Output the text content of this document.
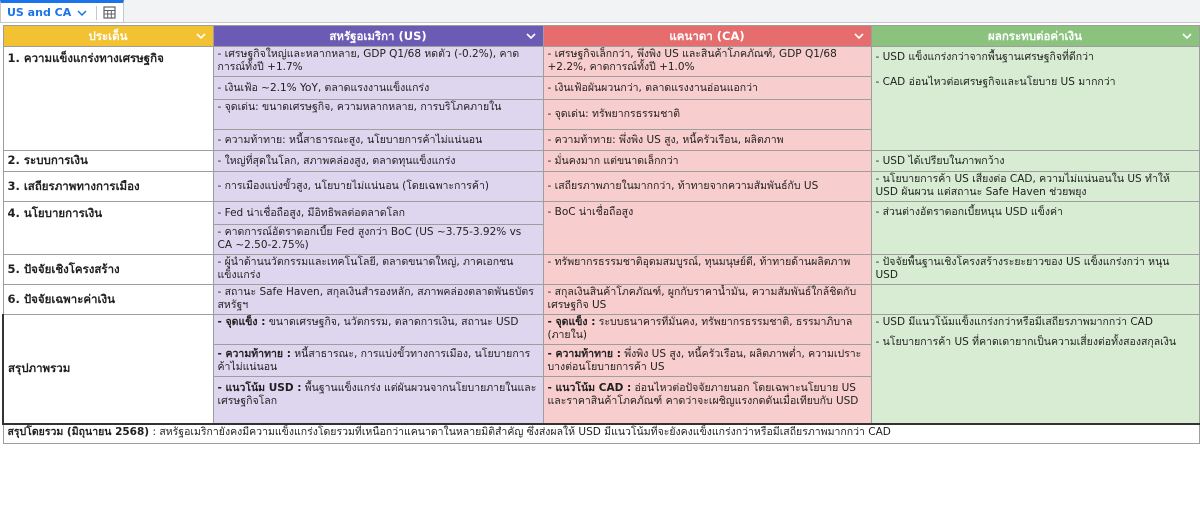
US and CA
ประเด็น	สหรัฐอเมริกา (US)	แคนาดา (CA)	ผลกระทบต่อค่าเงิน

1. ความแข็งแกร่งทางเศรษฐกิจ	- เศรษฐกิจใหญ่และหลากหลาย, GDP Q1/68 หดตัว (-0.2%), คาดการณ์ทั้งปี +1.7%	- เศรษฐกิจเล็กกว่า, พึ่งพิง US และสินค้าโภคภัณฑ์, GDP Q1/68 +2.2%, คาดการณ์ทั้งปี +1.0%	- USD แข็งแกร่งกว่าจากพื้นฐานเศรษฐกิจที่ดีกว่า
- CAD อ่อนไหวต่อเศรษฐกิจและนโยบาย US มากกว่า

	- เงินเฟ้อ ~2.1% YoY, ตลาดแรงงานแข็งแกร่ง	- เงินเฟ้อผันผวนกว่า, ตลาดแรงงานอ่อนแอกว่า	
	- จุดเด่น: ขนาดเศรษฐกิจ, ความหลากหลาย, การบริโภคภายใน	- จุดเด่น: ทรัพยากรธรรมชาติ	
	- ความท้าทาย: หนี้สาธารณะสูง, นโยบายการค้าไม่แน่นอน	- ความท้าทาย: พึ่งพิง US สูง, หนี้ครัวเรือน, ผลิตภาพ	
2. ระบบการเงิน	- ใหญ่ที่สุดในโลก, สภาพคล่องสูง, ตลาดทุนแข็งแกร่ง	- มั่นคงมาก แต่ขนาดเล็กกว่า	- USD ได้เปรียบในภาพกว้าง
3. เสถียรภาพทางการเมือง	- การเมืองแบ่งขั้วสูง, นโยบายไม่แน่นอน (โดยเฉพาะการค้า)	- เสถียรภาพภายในมากกว่า, ท้าทายจากความสัมพันธ์กับ US	- นโยบายการค้า US เสี่ยงต่อ CAD, ความไม่แน่นอนใน US ทำให้ USD ผันผวน แต่สถานะ Safe Haven ช่วยพยุง
4. นโยบายการเงิน	- Fed น่าเชื่อถือสูง, มีอิทธิพลต่อตลาดโลก	- BoC น่าเชื่อถือสูง	- ส่วนต่างอัตราดอกเบี้ยหนุน USD แข็งค่า
	- คาดการณ์อัตราดอกเบี้ย Fed สูงกว่า BoC (US ~3.75-3.92% vs CA ~2.50-2.75%)		
5. ปัจจัยเชิงโครงสร้าง	- ผู้นำด้านนวัตกรรมและเทคโนโลยี, ตลาดขนาดใหญ่, ภาคเอกชนแข็งแกร่ง	- ทรัพยากรธรรมชาติอุดมสมบูรณ์, ทุนมนุษย์ดี, ท้าทายด้านผลิตภาพ	- ปัจจัยพื้นฐานเชิงโครงสร้างระยะยาวของ US แข็งแกร่งกว่า หนุน USD
6. ปัจจัยเฉพาะค่าเงิน	- สถานะ Safe Haven, สกุลเงินสำรองหลัก, สภาพคล่องตลาดพันธบัตรสหรัฐฯ	- สกุลเงินสินค้าโภคภัณฑ์, ผูกกับราคาน้ำมัน, ความสัมพันธ์ใกล้ชิดกับเศรษฐกิจ US	
สรุปภาพรวม	- จุดแข็ง : ขนาดเศรษฐกิจ, นวัตกรรม, ตลาดการเงิน, สถานะ USD	- จุดแข็ง : ระบบธนาคารที่มั่นคง, ทรัพยากรธรรมชาติ, ธรรมาภิบาล (ภายใน)	- USD มีแนวโน้มแข็งแกร่งกว่าหรือมีเสถียรภาพมากกว่า CAD
- นโยบายการค้า US ที่คาดเดายากเป็นความเสี่ยงต่อทั้งสองสกุลเงิน

	- ความท้าทาย : หนี้สาธารณะ, การแบ่งขั้วทางการเมือง, นโยบายการค้าไม่แน่นอน	- ความท้าทาย : พึ่งพิง US สูง, หนี้ครัวเรือน, ผลิตภาพต่ำ, ความเปราะบางต่อนโยบายการค้า US	
	- แนวโน้ม USD : พื้นฐานแข็งแกร่ง แต่ผันผวนจากนโยบายภายในและเศรษฐกิจโลก	- แนวโน้ม CAD : อ่อนไหวต่อปัจจัยภายนอก โดยเฉพาะนโยบาย US และราคาสินค้าโภคภัณฑ์ คาดว่าจะเผชิญแรงกดดันเมื่อเทียบกับ USD	
สรุปโดยรวม (มิถุนายน 2568) : สหรัฐอเมริกายังคงมีความแข็งแกร่งโดยรวมที่เหนือกว่าแคนาดาในหลายมิติสำคัญ ซึ่งส่งผลให้ USD มีแนวโน้มที่จะยังคงแข็งแกร่งกว่าหรือมีเสถียรภาพมากกว่า CAD			
